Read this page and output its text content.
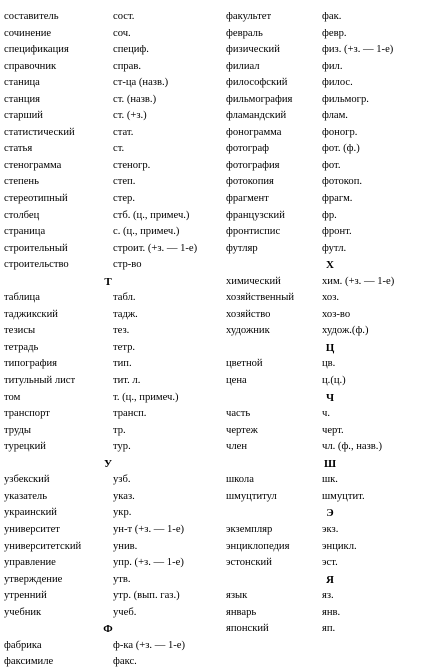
составитель	сост.
сочинение	соч.
спецификация	специф.
справочник	справ.
станица	ст-ца (назв.)
станция	ст. (назв.)
старший	ст. (+з.)
статистический	стат.
статья	ст.
стенограмма	стеногр.
степень	степ.
стереотипный	стер.
столбец	стб. (ц., примеч.)
страница	с. (ц., примеч.)
строительный	строит. (+з. — 1-е)
строительство	стр-во
Т
таблица	табл.
таджикский	тадж.
тезисы	тез.
тетрадь	тетр.
типография	тип.
титульный лист	тит. л.
том	т. (ц., примеч.)
транспорт	трансп.
труды	тр.
турецкий	тур.
У
узбекский	узб.
указатель	указ.
украинский	укр.
университет	ун-т (+з. — 1-е)
университетский	унив.
управление	упр. (+з. — 1-е)
утверждение	утв.
утренний	утр. (вып. газ.)
учебник	учеб.
Ф
фабрика	ф-ка (+з. — 1-е)
факсимиле	факс.
факультет	фак.
февраль	февр.
физический	физ. (+з. — 1-е)
филиал	фил.
философский	филос.
фильмография	фильмогр.
фламандский	флам.
фонограмма	фоногр.
фотограф	фот. (ф.)
фотография	фот.
фотокопия	фотокоп.
фрагмент	фрагм.
французский	фр.
фронтиспис	фронт.
футляр	футл.
Х
химический	хим. (+з. — 1-е)
хозяйственный	хоз.
хозяйство	хоз-во
художник	худож.(ф.)
Ц
цветной	цв.
цена	ц.(ц.)
Ч
часть	ч.
чертеж	черт.
член	чл. (ф., назв.)
Ш
школа	шк.
шмуцтитул	шмуцтит.
Э
экземпляр	экз.
энциклопедия	энцикл.
эстонский	эст.
Я
язык	яз.
январь	янв.
японский	яп.
